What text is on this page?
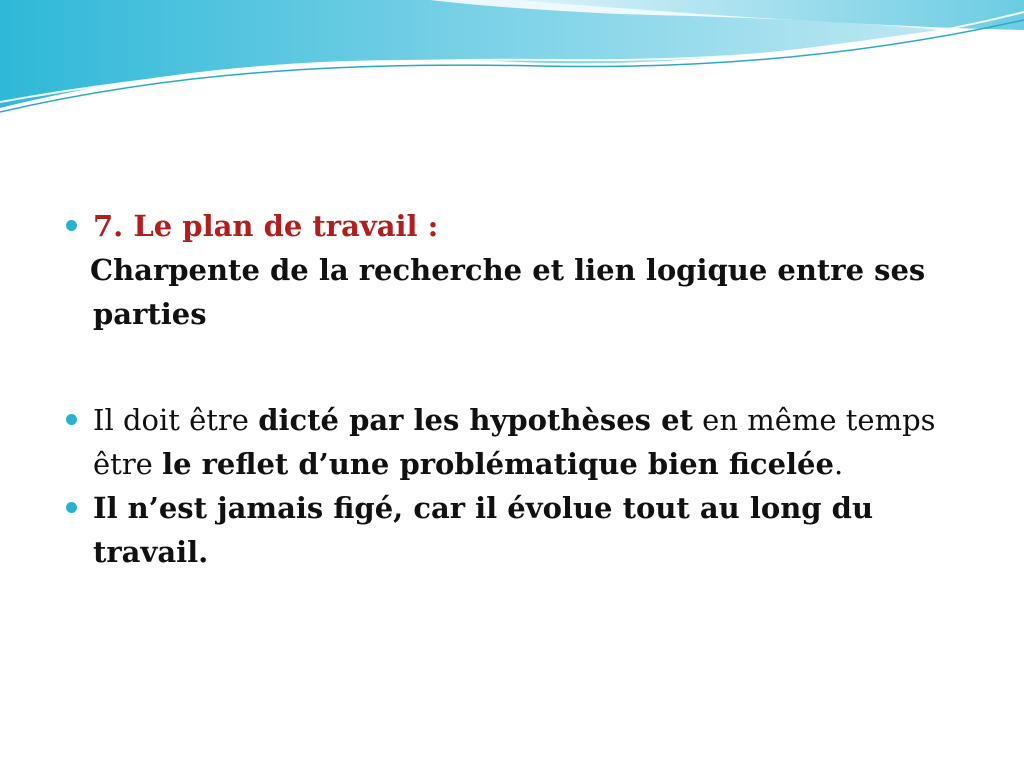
7. Le plan de travail :
Charpente de la recherche et lien logique entre ses parties
Il doit être dicté par les hypothèses et en même temps être le reflet d’une problématique bien ficelée.
Il n’est jamais figé, car il évolue tout au long du travail.
